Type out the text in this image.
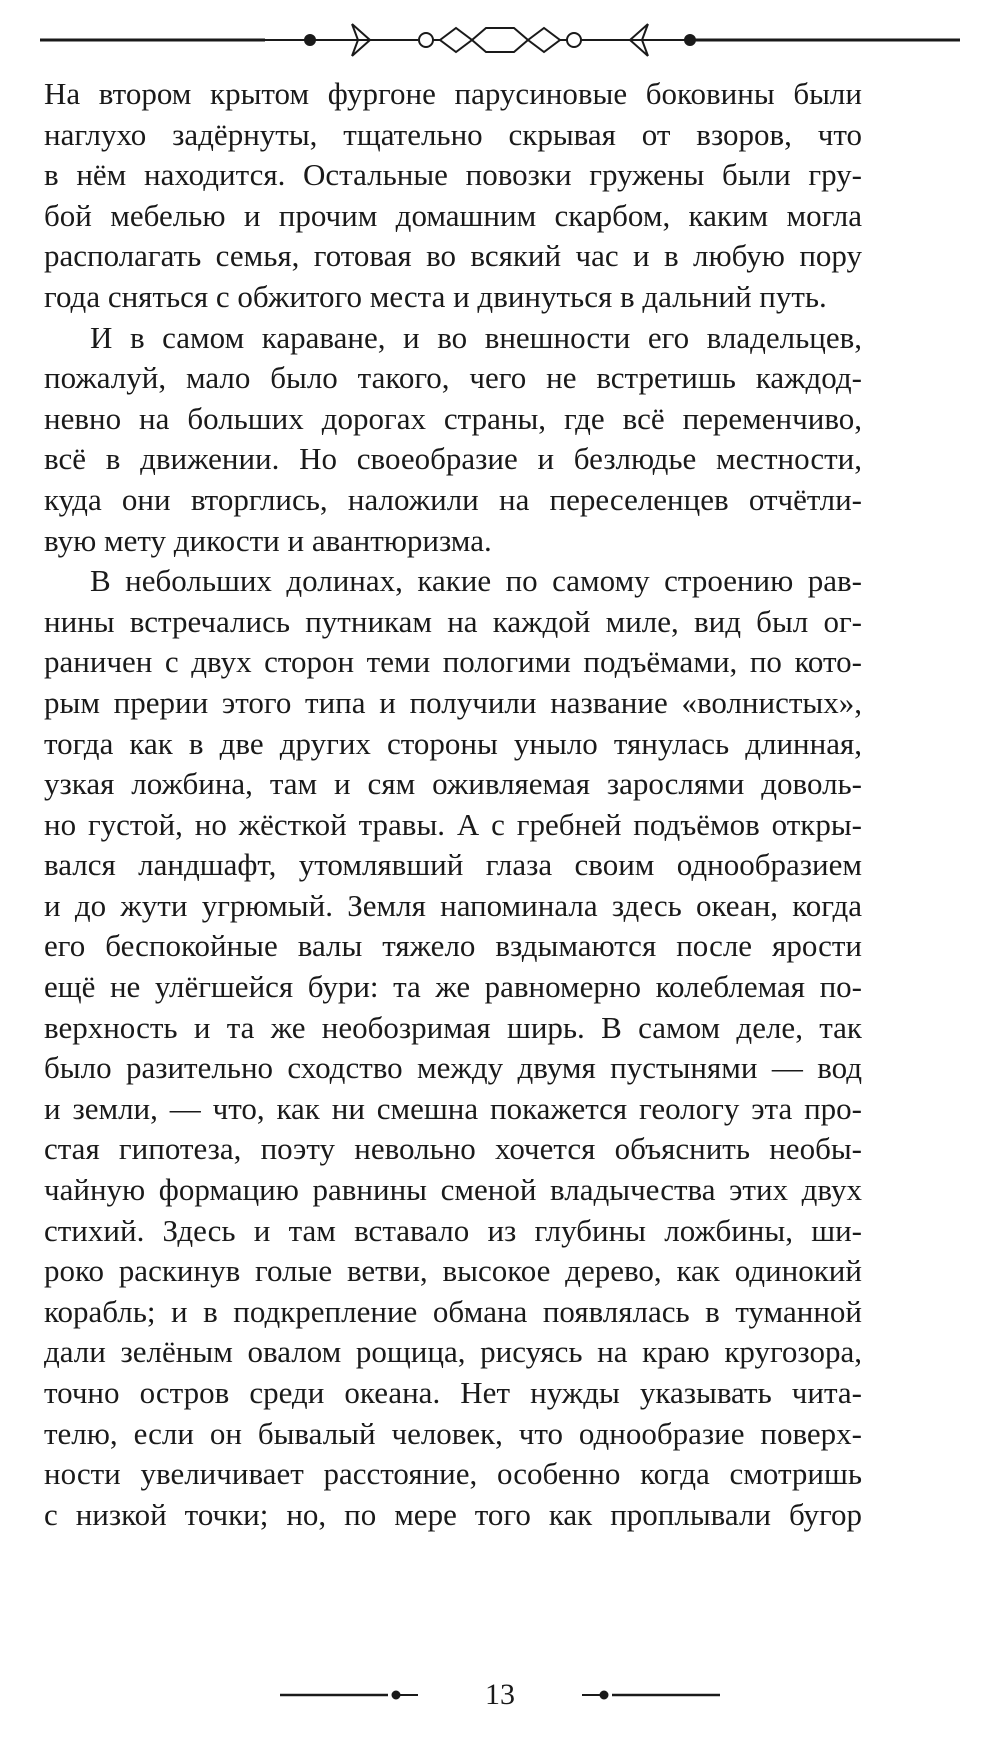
На втором крытом фургоне парусиновые боковины были
наглухо задёрнуты, тщательно скрывая от взоров, что
в нём находится. Остальные повозки гружены были гру-
бой мебелью и прочим домашним скарбом, каким могла
располагать семья, готовая во всякий час и в любую пору
года сняться с обжитого места и двинуться в дальний путь.
И в самом караване, и во внешности его владельцев,
пожалуй, мало было такого, чего не встретишь каждод-
невно на больших дорогах страны, где всё переменчиво,
всё в движении. Но своеобразие и безлюдье местности,
куда они вторглись, наложили на переселенцев отчётли-
вую мету дикости и авантюризма.
В небольших долинах, какие по самому строению рав-
нины встречались путникам на каждой миле, вид был ог-
раничен с двух сторон теми пологими подъёмами, по кото-
рым прерии этого типа и получили название «волнистых»,
тогда как в две других стороны уныло тянулась длинная,
узкая ложбина, там и сям оживляемая зарослями доволь-
но густой, но жёсткой травы. А с гребней подъёмов откры-
вался ландшафт, утомлявший глаза своим однообразием
и до жути угрюмый. Земля напоминала здесь океан, когда
его беспокойные валы тяжело вздымаются после ярости
ещё не улёгшейся бури: та же равномерно колеблемая по-
верхность и та же необозримая ширь. В самом деле, так
было разительно сходство между двумя пустынями — вод
и земли, — что, как ни смешна покажется геологу эта про-
стая гипотеза, поэту невольно хочется объяснить необы-
чайную формацию равнины сменой владычества этих двух
стихий. Здесь и там вставало из глубины ложбины, ши-
роко раскинув голые ветви, высокое дерево, как одинокий
корабль; и в подкрепление обмана появлялась в туманной
дали зелёным овалом рощица, рисуясь на краю кругозора,
точно остров среди океана. Нет нужды указывать чита-
телю, если он бывалый человек, что однообразие поверх-
ности увеличивает расстояние, особенно когда смотришь
с низкой точки; но, по мере того как проплывали бугор
13
